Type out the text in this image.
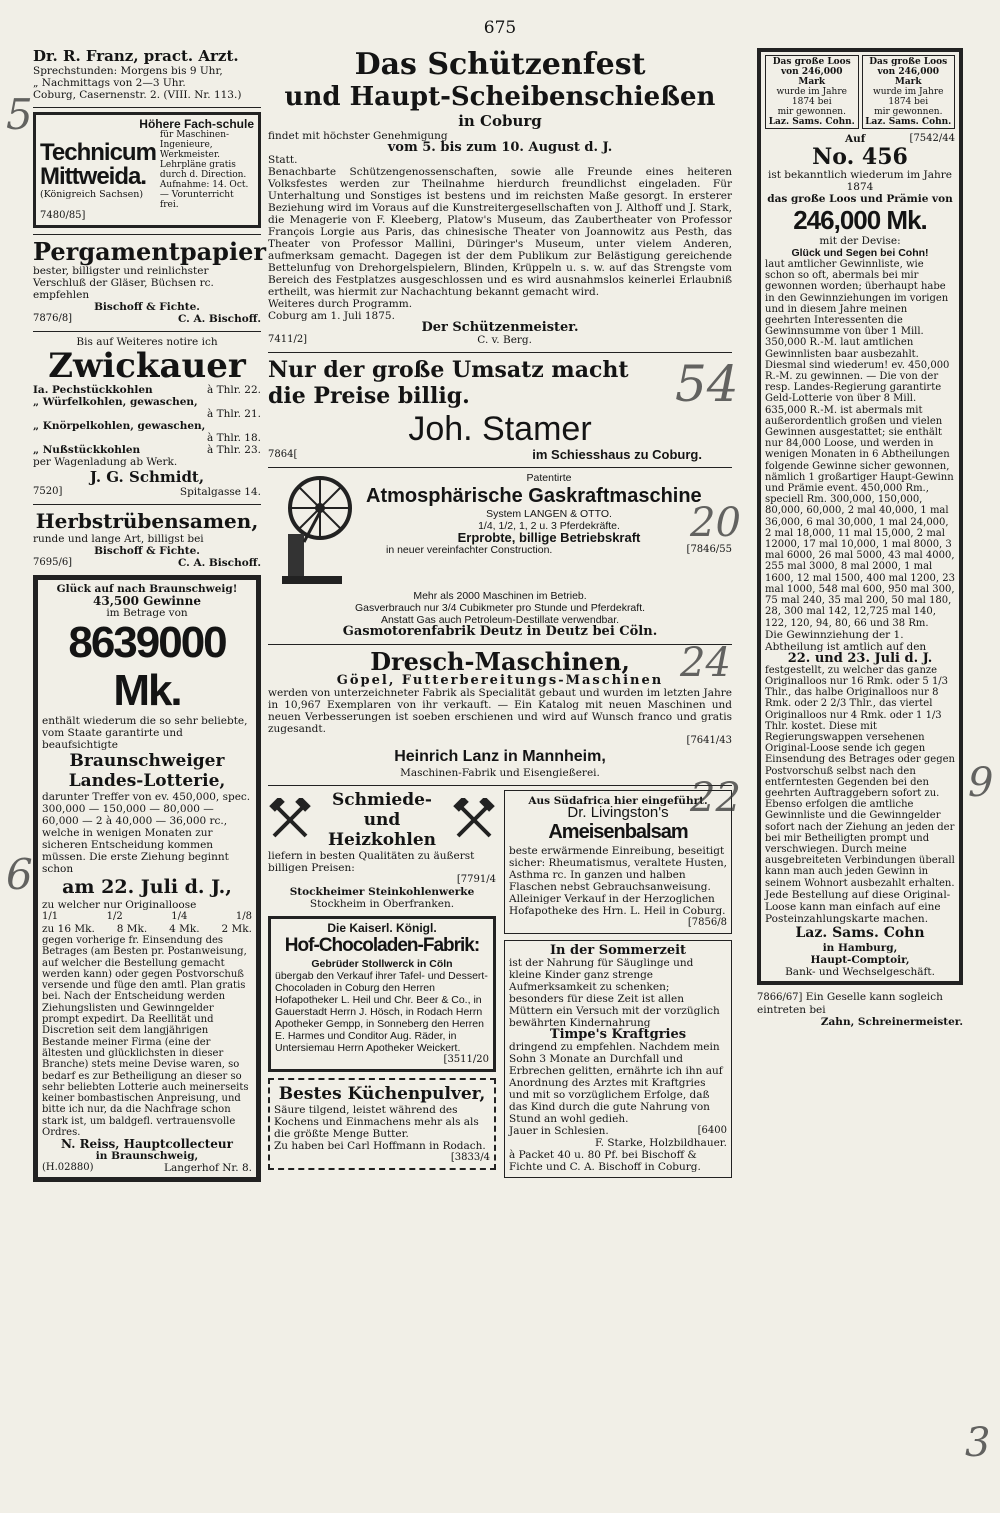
675
Dr. R. Franz, pract. Arzt.
Sprechstunden: Morgens bis 9 Uhr,
„ Nachmittags von 2—3 Uhr.
Coburg, Casernenstr. 2. (VIII. Nr. 113.)
Höhere Fach-schule
Technicum
Mittweida.
(Königreich Sachsen)
für Maschinen-Ingenieure, Werkmeister. Lehrpläne gratis durch d. Direction. Aufnahme: 14. Oct. — Vorunterricht frei.
7480/85]
Pergamentpapier
bester, billigster und reinlichster Verschluß der Gläser, Büchsen rc. empfehlen
Bischoff & Fichte.
7876/8]	C. A. Bischoff.
Bis auf Weiteres notire ich
Zwickauer
Ia. Pechstückkohlen	à Thlr. 22.
„ Würfelkohlen, gewaschen,
à Thlr. 21.
„ Knörpelkohlen, gewaschen,
à Thlr. 18.
„ Nußstückkohlen	à Thlr. 23.
per Wagenladung ab Werk.
J. G. Schmidt,
7520]	Spitalgasse 14.
Herbstrübensamen,
runde und lange Art, billigst bei
Bischoff & Fichte.
7695/6]	C. A. Bischoff.
Glück auf nach Braunschweig!
43,500 Gewinne
im Betrage von
8639000 Mk.
enthält wiederum die so sehr beliebte, vom Staate garantirte und beaufsichtigte
Braunschweiger
Landes-Lotterie,
darunter Treffer von ev. 450,000, spec. 300,000 — 150,000 — 80,000 — 60,000 — 2 à 40,000 — 36,000 rc., welche in wenigen Monaten zur sicheren Entscheidung kommen müssen. Die erste Ziehung beginnt schon
am 22. Juli d. J.,
zu welcher nur Originalloose
1/1	1/2	1/4	1/8
zu 16 Mk. 8 Mk. 4 Mk. 2 Mk.
gegen vorherige fr. Einsendung des Betrages (am Besten pr. Postanweisung, auf welcher die Bestellung gemacht werden kann) oder gegen Postvorschuß versende und füge den amtl. Plan gratis bei. Nach der Entscheidung werden Ziehungslisten und Gewinngelder prompt expedirt. Da Reellität und Discretion seit dem langjährigen Bestande meiner Firma (eine der ältesten und glücklichsten in dieser Branche) stets meine Devise waren, so bedarf es zur Betheiligung an dieser so sehr beliebten Lotterie auch meinerseits keiner bombastischen Anpreisung, und bitte ich nur, da die Nachfrage schon stark ist, um baldgefl. vertrauensvolle Ordres.
N. Reiss, Hauptcollecteur
in Braunschweig,
(H.02880)	Langerhof Nr. 8.
Das Schützenfest
und Haupt-Scheibenschießen
in Coburg
findet mit höchster Genehmigung
vom 5. bis zum 10. August d. J.
Statt.
Benachbarte Schützengenossenschaften, sowie alle Freunde eines heiteren Volksfestes werden zur Theilnahme hierdurch freundlichst eingeladen. Für Unterhaltung und Sonstiges ist bestens und im reichsten Maße gesorgt. In ersterer Beziehung wird im Voraus auf die Kunstreitergesellschaften von J. Althoff und J. Stark, die Menagerie von F. Kleeberg, Platow's Museum, das Zaubertheater von Professor François Lorgie aus Paris, das chinesische Theater von Joannowitz aus Pesth, das Theater von Professor Mallini, Düringer's Museum, unter vielem Anderen, aufmerksam gemacht. Dagegen ist der dem Publikum zur Belästigung gereichende Bettelunfug von Drehorgelspielern, Blinden, Krüppeln u. s. w. auf das Strengste vom Bereich des Festplatzes ausgeschlossen und es wird ausnahmslos keinerlei Erlaubniß ertheilt, was hiermit zur Nachachtung bekannt gemacht wird.
Weiteres durch Programm.
Coburg am 1. Juli 1875.
Der Schützenmeister.
7411/2]	C. v. Berg.
Nur der große Umsatz macht
die Preise billig.
Joh. Stamer
7864[	im Schiesshaus zu Coburg.
Patentirte
Atmosphärische Gaskraftmaschine
System LANGEN & OTTO.
1/4, 1/2, 1, 2 u. 3 Pferdekräfte.
Erprobte, billige Betriebskraft
in neuer vereinfachter Construction.	[7846/55
Mehr als 2000 Maschinen im Betrieb.
Gasverbrauch nur 3/4 Cubikmeter pro Stunde und Pferdekraft.
Anstatt Gas auch Petroleum-Destillate verwendbar.
Gasmotorenfabrik Deutz in Deutz bei Cöln.
Dresch-Maschinen,
Göpel, Futterbereitungs-Maschinen
werden von unterzeichneter Fabrik als Specialität gebaut und wurden im letzten Jahre in 10,967 Exemplaren von ihr verkauft. — Ein Katalog mit neuen Maschinen und neuen Verbesserungen ist soeben erschienen und wird auf Wunsch franco und gratis zugesandt.
[7641/43
Heinrich Lanz in Mannheim,
Maschinen-Fabrik und Eisengießerei.
Schmiede- und
Heizkohlen
liefern in besten Qualitäten zu äußerst billigen Preisen:
[7791/4
Stockheimer Steinkohlenwerke
Stockheim in Oberfranken.
Die Kaiserl. Königl.
Hof-Chocoladen-Fabrik:
Gebrüder Stollwerck in Cöln
übergab den Verkauf ihrer Tafel- und Dessert-Chocoladen in Coburg den Herren Hofapotheker L. Heil und Chr. Beer & Co., in Gauerstadt Herrn J. Hösch, in Rodach Herrn Apotheker Gempp, in Sonneberg den Herren E. Harmes und Conditor Aug. Räder, in Untersiemau Herrn Apotheker Weickert.
[3511/20
Bestes Küchenpulver,
Säure tilgend, leistet während des Kochens und Einmachens mehr als als die größte Menge Butter.
Zu haben bei Carl Hoffmann in Rodach.
[3833/4
Aus Südafrica hier eingeführt.
Dr. Livingston's
Ameisenbalsam
beste erwärmende Einreibung, beseitigt sicher: Rheumatismus, veraltete Husten, Asthma rc. In ganzen und halben Flaschen nebst Gebrauchsanweisung. Alleiniger Verkauf in der Herzoglichen Hofapotheke des Hrn. L. Heil in Coburg.
[7856/8
In der Sommerzeit
ist der Nahrung für Säuglinge und kleine Kinder ganz strenge Aufmerksamkeit zu schenken; besonders für diese Zeit ist allen Müttern ein Versuch mit der vorzüglich bewährten Kindernahrung
Timpe's Kraftgries
dringend zu empfehlen. Nachdem mein Sohn 3 Monate an Durchfall und Erbrechen gelitten, ernährte ich ihn auf Anordnung des Arztes mit Kraftgries und mit so vorzüglichem Erfolge, daß das Kind durch die gute Nahrung von Stund an wohl gedieh.
Jauer in Schlesien.	[6400
F. Starke, Holzbildhauer.
à Packet 40 u. 80 Pf. bei Bischoff & Fichte und C. A. Bischoff in Coburg.
Das große Loos
von 246,000 Mark
wurde im Jahre 1874 bei
mir gewonnen.
Laz. Sams. Cohn.
Das große Loos
von 246,000 Mark
wurde im Jahre 1874 bei
mir gewonnen.
Laz. Sams. Cohn.
Auf	[7542/44
No. 456
ist bekanntlich wiederum im Jahre 1874
das große Loos und Prämie von
246,000 Mk.
mit der Devise:
Glück und Segen bei Cohn!
laut amtlicher Gewinnliste, wie schon so oft, abermals bei mir gewonnen worden; überhaupt habe in den Gewinnziehungen im vorigen und in diesem Jahre meinen geehrten Interessenten die Gewinnsumme von über 1 Mill. 350,000 R.-M. laut amtlichen Gewinnlisten baar ausbezahlt. Diesmal sind wiederum! ev. 450,000 R.-M. zu gewinnen. — Die von der resp. Landes-Regierung garantirte Geld-Lotterie von über 8 Mill. 635,000 R.-M. ist abermals mit außerordentlich großen und vielen Gewinnen ausgestattet; sie enthält nur 84,000 Loose, und werden in wenigen Monaten in 6 Abtheilungen folgende Gewinne sicher gewonnen, nämlich 1 großartiger Haupt-Gewinn und Prämie event. 450,000 Rm., speciell Rm. 300,000, 150,000, 80,000, 60,000, 2 mal 40,000, 1 mal 36,000, 6 mal 30,000, 1 mal 24,000, 2 mal 18,000, 11 mal 15,000, 2 mal 12000, 17 mal 10,000, 1 mal 8000, 3 mal 6000, 26 mal 5000, 43 mal 4000, 255 mal 3000, 8 mal 2000, 1 mal 1600, 12 mal 1500, 400 mal 1200, 23 mal 1000, 548 mal 600, 950 mal 300, 75 mal 240, 35 mal 200, 50 mal 180, 28, 300 mal 142, 12,725 mal 140, 122, 120, 94, 80, 66 und 38 Rm.
Die Gewinnziehung der 1. Abtheilung ist amtlich auf den
22. und 23. Juli d. J.
festgestellt, zu welcher das ganze Originalloos nur 16 Rmk. oder 5 1/3 Thlr., das halbe Originalloos nur 8 Rmk. oder 2 2/3 Thlr., das viertel Originalloos nur 4 Rmk. oder 1 1/3 Thlr. kostet. Diese mit Regierungswappen versehenen Original-Loose sende ich gegen Einsendung des Betrages oder gegen Postvorschuß selbst nach den entferntesten Gegenden bei den geehrten Auftraggebern sofort zu. Ebenso erfolgen die amtliche Gewinnliste und die Gewinngelder sofort nach der Ziehung an jeden der bei mir Betheiligten prompt und verschwiegen. Durch meine ausgebreiteten Verbindungen überall kann man auch jeden Gewinn in seinem Wohnort ausbezahlt erhalten.
Jede Bestellung auf diese Original-Loose kann man einfach auf eine Posteinzahlungskarte machen.
Laz. Sams. Cohn
in Hamburg,
Haupt-Comptoir,
Bank- und Wechselgeschäft.
7866/67] Ein Geselle kann sogleich eintreten bei
Zahn, Schreinermeister.
5
6
54
20
24
22	9
3
